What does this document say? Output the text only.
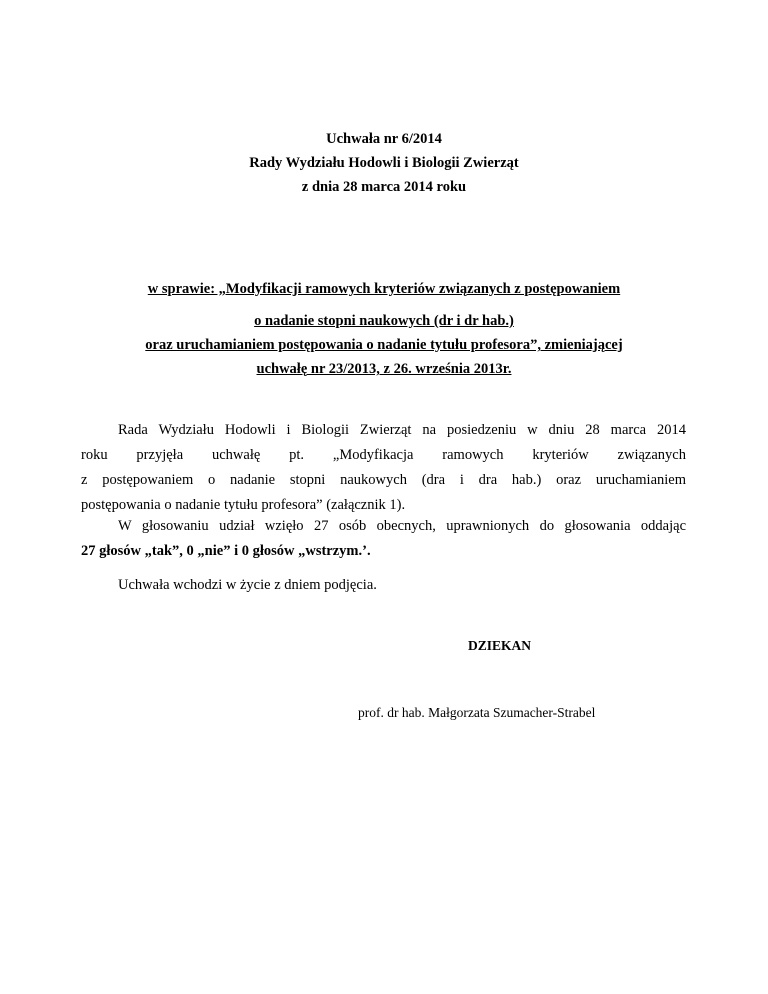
Uchwała nr 6/2014
Rady Wydziału Hodowli i Biologii Zwierząt
z dnia 28 marca 2014 roku
w sprawie: „Modyfikacji ramowych kryteriów związanych z postępowaniem
o nadanie stopni naukowych (dr i dr hab.)
oraz uruchamianiem postępowania o nadanie tytułu profesora”, zmieniającej
uchwałę nr 23/2013, z 26. września 2013r.
Rada Wydziału Hodowli i Biologii Zwierząt na posiedzeniu w dniu 28 marca 2014
roku przyjęła uchwałę pt. „Modyfikacja ramowych kryteriów związanych
z postępowaniem o nadanie stopni naukowych (dra i dra hab.) oraz uruchamianiem
postępowania o nadanie tytułu profesora” (załącznik 1).
W głosowaniu udział wzięło 27 osób obecnych, uprawnionych do głosowania oddając
27 głosów „tak”, 0 „nie” i 0 głosów „wstrzym.’.
Uchwała wchodzi w życie z dniem podjęcia.
DZIEKAN
prof. dr hab. Małgorzata Szumacher-Strabel
